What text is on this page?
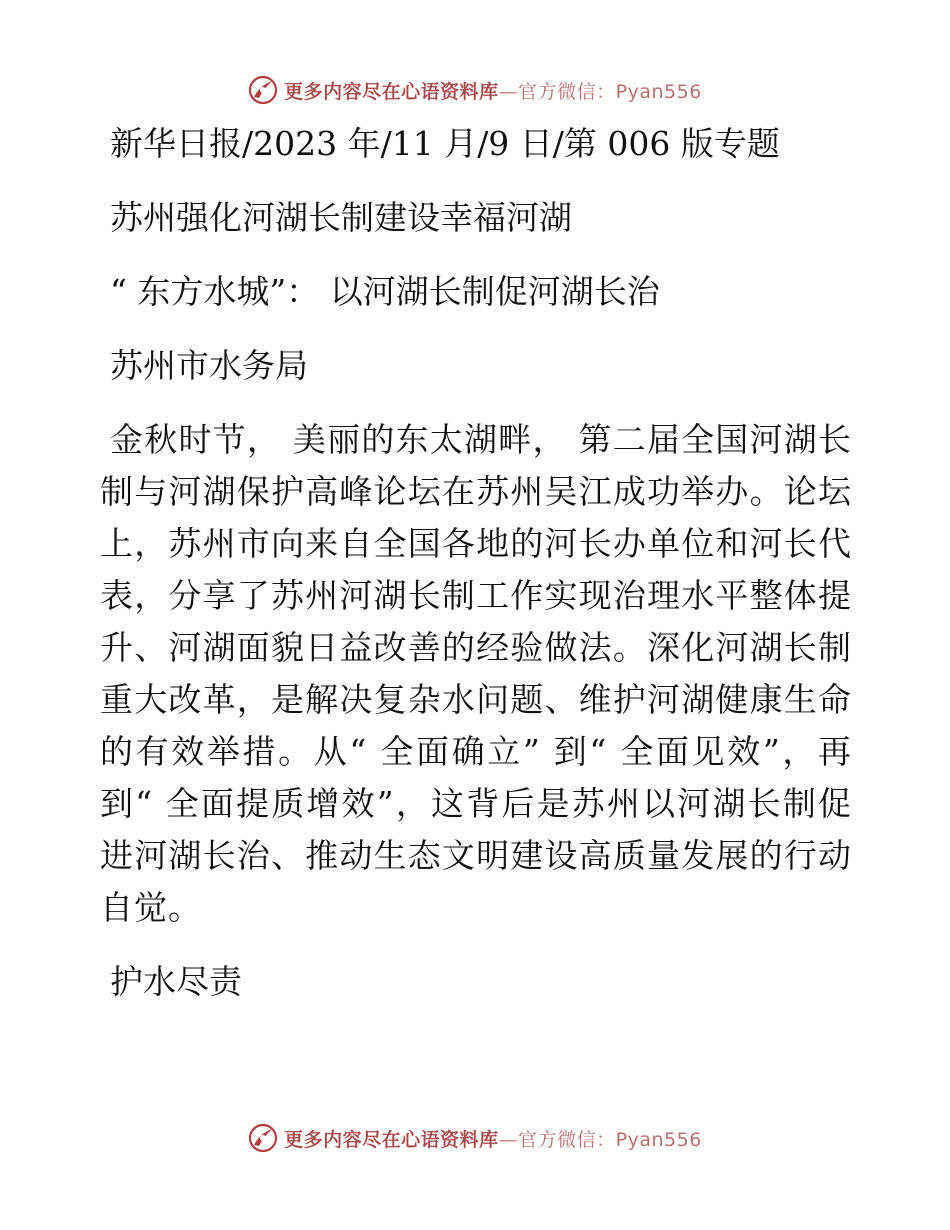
更多内容尽在心语资料库—官方微信：Pyan556
新华日报/2023 年/11 月/9 日/第 006 版专题
苏州强化河湖长制建设幸福河湖
“ 东方水城”： 以河湖长制促河湖长治
苏州市水务局
金秋时节， 美丽的东太湖畔， 第二届全国河湖长制与河湖保护高峰论坛在苏州吴江成功举办。论坛上，苏州市向来自全国各地的河长办单位和河长代表，分享了苏州河湖长制工作实现治理水平整体提升、河湖面貌日益改善的经验做法。深化河湖长制重大改革，是解决复杂水问题、维护河湖健康生命的有效举措。从“ 全面确立” 到“ 全面见效”，再到“ 全面提质增效”，这背后是苏州以河湖长制促进河湖长治、推动生态文明建设高质量发展的行动自觉。
护水尽责
更多内容尽在心语资料库—官方微信：Pyan556
